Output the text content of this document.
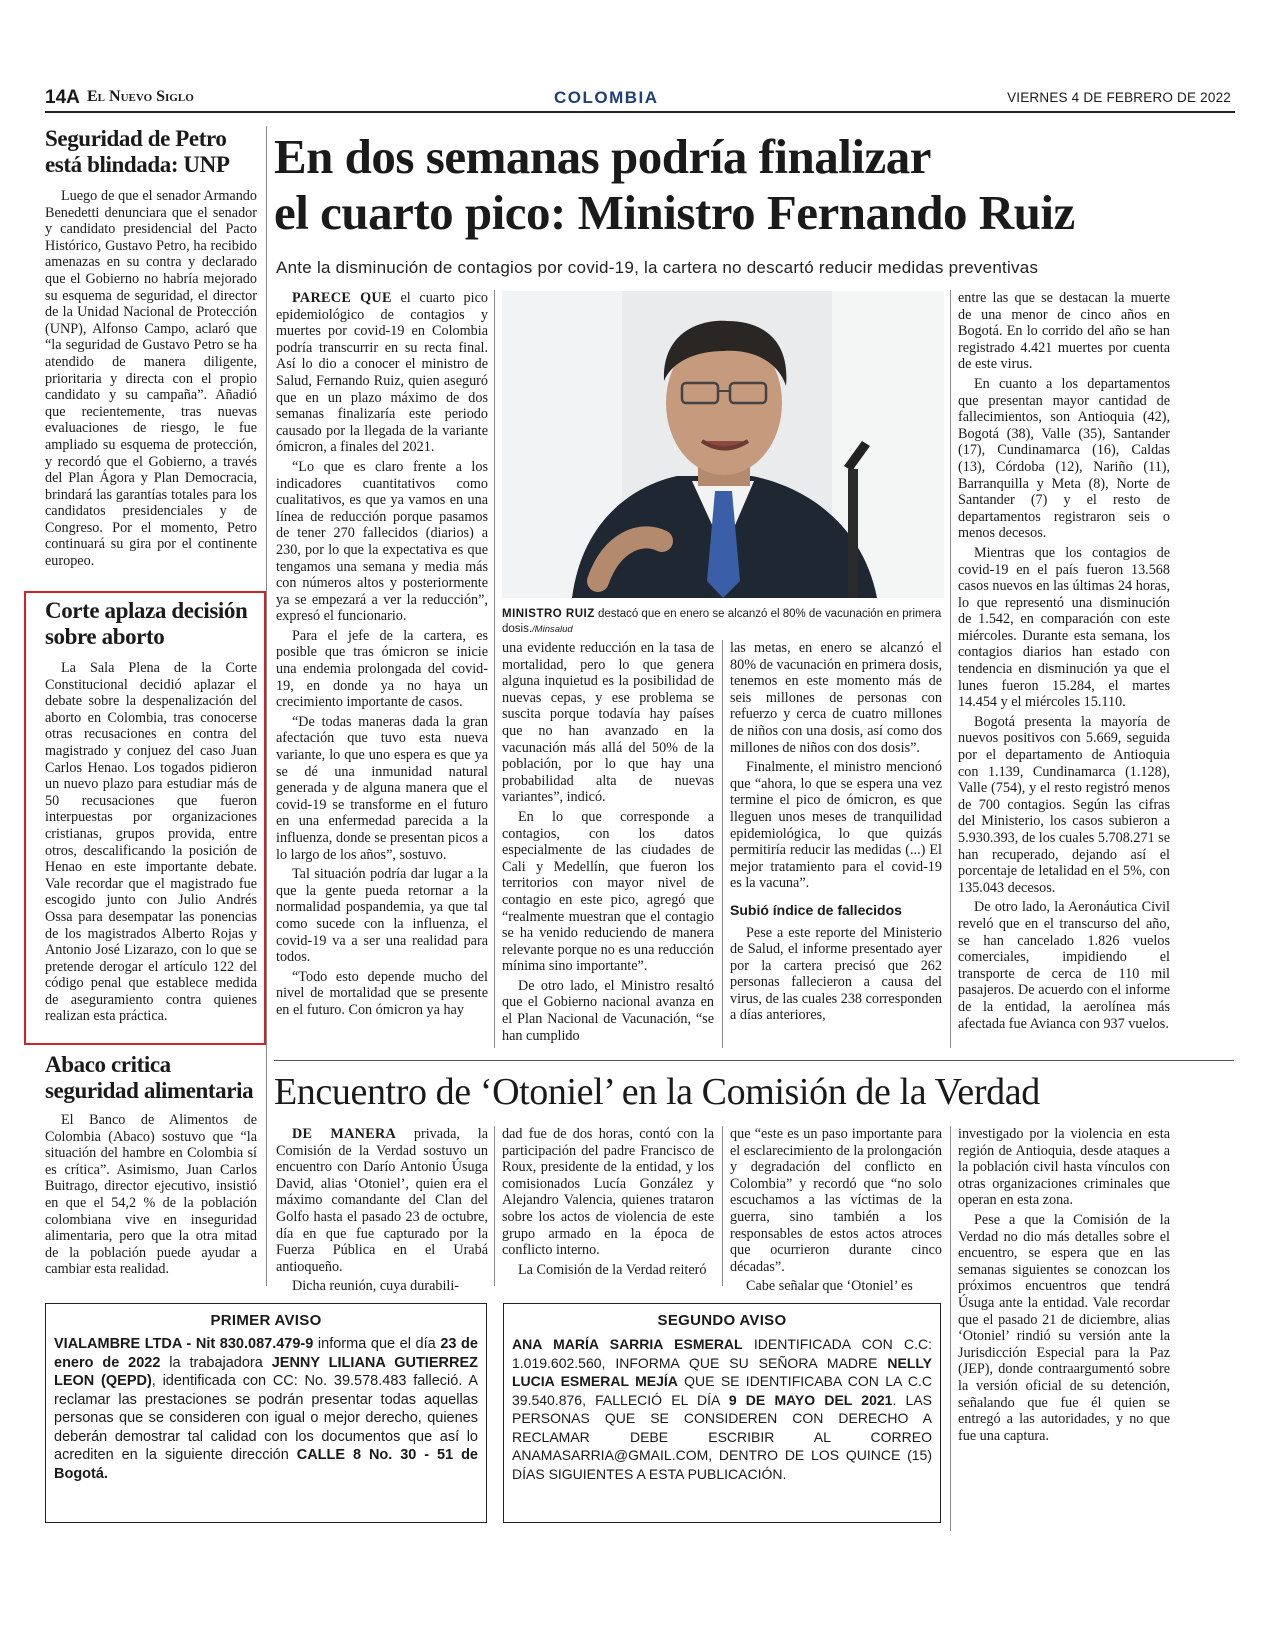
14A El Nuevo Siglo	COLOMBIA	VIERNES 4 DE FEBRERO DE 2022
Seguridad de Petro está blindada: UNP

Luego de que el senador Armando Benedetti denunciara que el senador y candidato presidencial del Pacto Histórico, Gustavo Petro, ha recibido amenazas en su contra y declarado que el Gobierno no habría mejorado su esquema de seguridad, el director de la Unidad Nacional de Protección (UNP), Alfonso Campo, aclaró que “la seguridad de Gustavo Petro se ha atendido de manera diligente, prioritaria y directa con el propio candidato y su campaña”. Añadió que recientemente, tras nuevas evaluaciones de riesgo, le fue ampliado su esquema de protección, y recordó que el Gobierno, a través del Plan Ágora y Plan Democracia, brindará las garantías totales para los candidatos presidenciales y de Congreso. Por el momento, Petro continuará su gira por el continente europeo.

Corte aplaza decisión sobre aborto

La Sala Plena de la Corte Constitucional decidió aplazar el debate sobre la despenalización del aborto en Colombia, tras conocerse otras recusaciones en contra del magistrado y conjuez del caso Juan Carlos Henao. Los togados pidieron un nuevo plazo para estudiar más de 50 recusaciones que fueron interpuestas por organizaciones cristianas, grupos provida, entre otros, descalificando la posición de Henao en este importante debate. Vale recordar que el magistrado fue escogido junto con Julio Andrés Ossa para desempatar las ponencias de los magistrados Alberto Rojas y Antonio José Lizarazo, con lo que se pretende derogar el artículo 122 del código penal que establece medida de aseguramiento contra quienes realizan esta práctica.

Abaco critica seguridad alimentaria

El Banco de Alimentos de Colombia (Abaco) sostuvo que “la situación del hambre en Colombia sí es crítica”. Asimismo, Juan Carlos Buitrago, director ejecutivo, insistió en que el 54,2 % de la población colombiana vive en inseguridad alimentaria, pero que la otra mitad de la población puede ayudar a cambiar esta realidad.

En dos semanas podría finalizar
el cuarto pico: Ministro Fernando Ruiz
Ante la disminución de contagios por covid-19, la cartera no descartó reducir medidas preventivas

PARECE QUE el cuarto pico epidemiológico de contagios y muertes por covid-19 en Colombia podría transcurrir en su recta final. Así lo dio a conocer el ministro de Salud, Fernando Ruiz, quien aseguró que en un plazo máximo de dos semanas finalizaría este periodo causado por la llegada de la variante ómicron, a finales del 2021.

“Lo que es claro frente a los indicadores cuantitativos como cualitativos, es que ya vamos en una línea de reducción porque pasamos de tener 270 fallecidos (diarios) a 230, por lo que la expectativa es que tengamos una semana y media más con números altos y posteriormente ya se empezará a ver la reducción”, expresó el funcionario.

Para el jefe de la cartera, es posible que tras ómicron se inicie una endemia prolongada del covid-19, en donde ya no haya un crecimiento importante de casos.

“De todas maneras dada la gran afectación que tuvo esta nueva variante, lo que uno espera es que ya se dé una inmunidad natural generada y de alguna manera que el covid-19 se transforme en el futuro en una enfermedad parecida a la influenza, donde se presentan picos a lo largo de los años”, sostuvo.

Tal situación podría dar lugar a la que la gente pueda retornar a la normalidad pospandemia, ya que tal como sucede con la influenza, el covid-19 va a ser una realidad para todos.

“Todo esto depende mucho del nivel de mortalidad que se presente en el futuro. Con ómicron ya hay

MINISTRO RUIZ destacó que en enero se alcanzó el 80% de vacunación en primera dosis./Minsalud

entre las que se destacan la muerte de una menor de cinco años en Bogotá. En lo corrido del año se han registrado 4.421 muertes por cuenta de este virus.

En cuanto a los departamentos que presentan mayor cantidad de fallecimientos, son Antioquia (42), Bogotá (38), Valle (35), Santander (17), Cundinamarca (16), Caldas (13), Córdoba (12), Nariño (11), Barranquilla y Meta (8), Norte de Santander (7) y el resto de departamentos registraron seis o menos decesos.

Mientras que los contagios de covid-19 en el país fueron 13.568 casos nuevos en las últimas 24 horas, lo que representó una disminución de 1.542, en comparación con este miércoles. Durante esta semana, los contagios diarios han estado con tendencia en disminución ya que el lunes fueron 15.284, el martes 14.454 y el miércoles 15.110.

Bogotá presenta la mayoría de nuevos positivos con 5.669, seguida por el departamento de Antioquia con 1.139, Cundinamarca (1.128), Valle (754), y el resto registró menos de 700 contagios. Según las cifras del Ministerio, los casos subieron a 5.930.393, de los cuales 5.708.271 se han recuperado, dejando así el porcentaje de letalidad en el 5%, con 135.043 decesos.

De otro lado, la Aeronáutica Civil reveló que en el transcurso del año, se han cancelado 1.826 vuelos comerciales, impidiendo el transporte de cerca de 110 mil pasajeros. De acuerdo con el informe de la entidad, la aerolínea más afectada fue Avianca con 937 vuelos.

una evidente reducción en la tasa de mortalidad, pero lo que genera alguna inquietud es la posibilidad de nuevas cepas, y ese problema se suscita porque todavía hay países que no han avanzado en la vacunación más allá del 50% de la población, por lo que hay una probabilidad alta de nuevas variantes”, indicó.

En lo que corresponde a contagios, con los datos especialmente de las ciudades de Cali y Medellín, que fueron los territorios con mayor nivel de contagio en este pico, agregó que “realmente muestran que el contagio se ha venido reduciendo de manera relevante porque no es una reducción mínima sino importante”.

De otro lado, el Ministro resaltó que el Gobierno nacional avanza en el Plan Nacional de Vacunación, “se han cumplido

las metas, en enero se alcanzó el 80% de vacunación en primera dosis, tenemos en este momento más de seis millones de personas con refuerzo y cerca de cuatro millones de niños con una dosis, así como dos millones de niños con dos dosis”.

Finalmente, el ministro mencionó que “ahora, lo que se espera una vez termine el pico de ómicron, es que lleguen unos meses de tranquilidad epidemiológica, lo que quizás permitiría reducir las medidas (...) El mejor tratamiento para el covid-19 es la vacuna”.

Subió índice de fallecidos

Pese a este reporte del Ministerio de Salud, el informe presentado ayer por la cartera precisó que 262 personas fallecieron a causa del virus, de las cuales 238 corresponden a días anteriores,

Encuentro de ‘Otoniel’ en la Comisión de la Verdad

DE MANERA privada, la Comisión de la Verdad sostuvo un encuentro con Darío Antonio Úsuga David, alias ‘Otoniel’, quien era el máximo comandante del Clan del Golfo hasta el pasado 23 de octubre, día en que fue capturado por la Fuerza Pública en el Urabá antioqueño.

Dicha reunión, cuya durabili-

dad fue de dos horas, contó con la participación del padre Francisco de Roux, presidente de la entidad, y los comisionados Lucía González y Alejandro Valencia, quienes trataron sobre los actos de violencia de este grupo armado en la época de conflicto interno.

La Comisión de la Verdad reiteró

que “este es un paso importante para el esclarecimiento de la prolongación y degradación del conflicto en Colombia” y recordó que “no solo escuchamos a las víctimas de la guerra, sino también a los responsables de estos actos atroces que ocurrieron durante cinco décadas”.

Cabe señalar que ‘Otoniel’ es

investigado por la violencia en esta región de Antioquia, desde ataques a la población civil hasta vínculos con otras organizaciones criminales que operan en esta zona.

Pese a que la Comisión de la Verdad no dio más detalles sobre el encuentro, se espera que en las semanas siguientes se conozcan los próximos encuentros que tendrá Úsuga ante la entidad. Vale recordar que el pasado 21 de diciembre, alias ‘Otoniel’ rindió su versión ante la Jurisdicción Especial para la Paz (JEP), donde contraargumentó sobre la versión oficial de su detención, señalando que fue él quien se entregó a las autoridades, y no que fue una captura.

PRIMER AVISO
VIALAMBRE LTDA - Nit 830.087.479-9 informa que el día 23 de enero de 2022 la trabajadora JENNY LILIANA GUTIERREZ LEON (QEPD), identificada con CC: No. 39.578.483 falleció. A reclamar las prestaciones se podrán presentar todas aquellas personas que se consideren con igual o mejor derecho, quienes deberán demostrar tal calidad con los documentos que así lo acrediten en la siguiente dirección CALLE 8 No. 30 - 51 de Bogotá.
SEGUNDO AVISO
ANA MARÍA SARRIA ESMERAL IDENTIFICADA CON C.C: 1.019.602.560, INFORMA QUE SU SEÑORA MADRE NELLY LUCIA ESMERAL MEJÍA QUE SE IDENTIFICABA CON LA C.C 39.540.876, FALLECIÓ EL DÍA 9 DE MAYO DEL 2021. LAS PERSONAS QUE SE CONSIDEREN CON DERECHO A RECLAMAR DEBE ESCRIBIR AL CORREO ANAMASARRIA@GMAIL.COM, DENTRO DE LOS QUINCE (15) DÍAS SIGUIENTES A ESTA PUBLICACIÓN.
